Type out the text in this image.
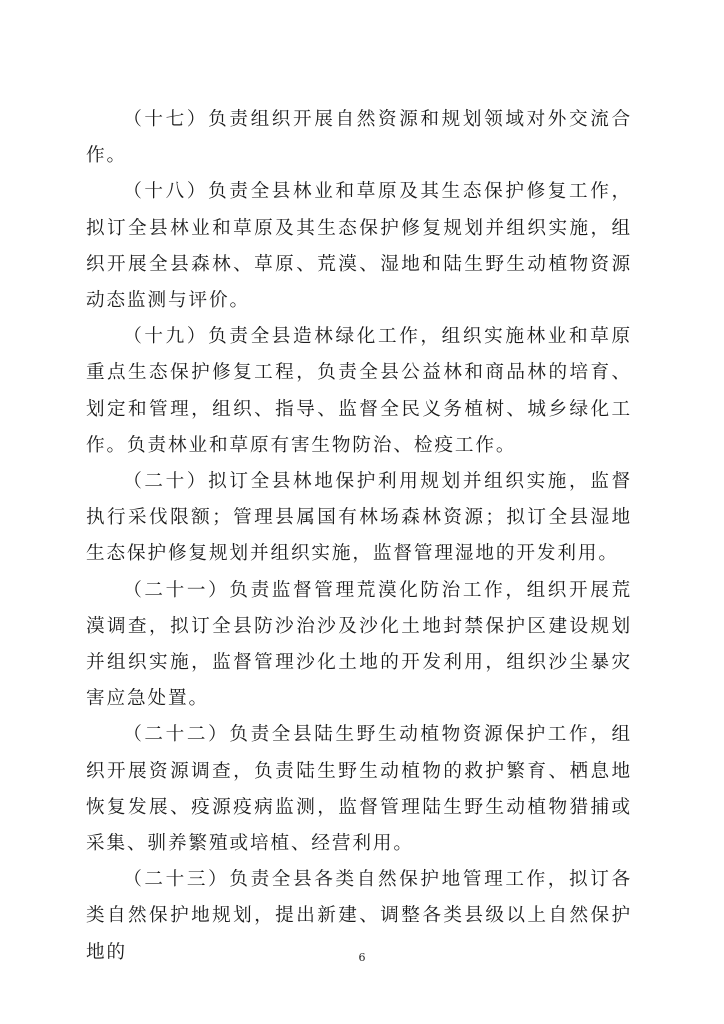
（十七）负责组织开展自然资源和规划领域对外交流合作。

（十八）负责全县林业和草原及其生态保护修复工作，拟订全县林业和草原及其生态保护修复规划并组织实施，组织开展全县森林、草原、荒漠、湿地和陆生野生动植物资源动态监测与评价。

（十九）负责全县造林绿化工作，组织实施林业和草原重点生态保护修复工程，负责全县公益林和商品林的培育、划定和管理，组织、指导、监督全民义务植树、城乡绿化工作。负责林业和草原有害生物防治、检疫工作。

（二十）拟订全县林地保护利用规划并组织实施，监督执行采伐限额；管理县属国有林场森林资源；拟订全县湿地生态保护修复规划并组织实施，监督管理湿地的开发利用。

（二十一）负责监督管理荒漠化防治工作，组织开展荒漠调查，拟订全县防沙治沙及沙化土地封禁保护区建设规划并组织实施，监督管理沙化土地的开发利用，组织沙尘暴灾害应急处置。

（二十二）负责全县陆生野生动植物资源保护工作，组织开展资源调查，负责陆生野生动植物的救护繁育、栖息地恢复发展、疫源疫病监测，监督管理陆生野生动植物猎捕或采集、驯养繁殖或培植、经营利用。

（二十三）负责全县各类自然保护地管理工作，拟订各类自然保护地规划，提出新建、调整各类县级以上自然保护地的	6
